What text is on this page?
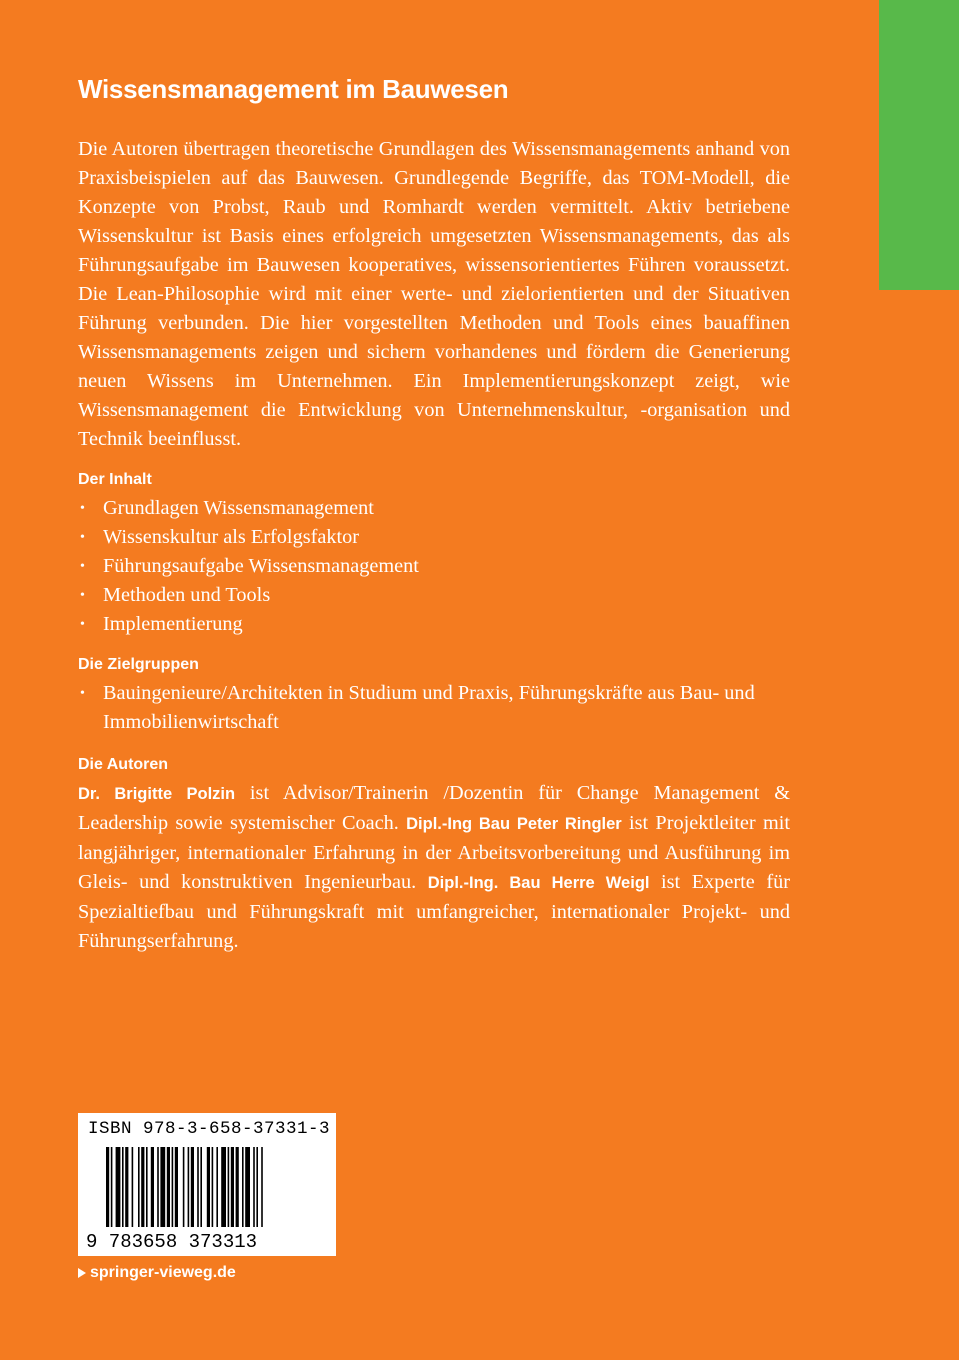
Wissensmanagement im Bauwesen

Die Autoren übertragen theoretische Grundlagen des Wissensmanagements anhand von Praxisbeispielen auf das Bauwesen. Grundlegende Begriffe, das TOM-Modell, die Konzepte von Probst, Raub und Romhardt werden vermittelt. Aktiv betriebene Wissenskultur ist Basis eines erfolgreich umgesetzten Wissensmanagements, das als Führungsaufgabe im Bauwesen kooperatives, wissensorientiertes Führen voraussetzt. Die Lean-Philosophie wird mit einer werte- und zielorientierten und der Situativen Führung verbunden. Die hier vorgestellten Methoden und Tools eines bauaffinen Wissensmanagements zeigen und sichern vorhandenes und fördern die Generierung neuen Wissens im Unternehmen. Ein Implementierungskonzept zeigt, wie Wissensmanagement die Entwicklung von Unternehmenskultur, -organisation und Technik beeinflusst.

Der Inhalt

• Grundlagen Wissensmanagement
• Wissenskultur als Erfolgsfaktor
• Führungsaufgabe Wissensmanagement
• Methoden und Tools
• Implementierung

Die Zielgruppen

• Bauingenieure/Architekten in Studium und Praxis, Führungskräfte aus Bau- und Immobilienwirtschaft

Die Autoren

Dr. Brigitte Polzin ist Advisor/Trainerin /Dozentin für Change Management & Leadership sowie systemischer Coach. Dipl.-Ing Bau Peter Ringler ist Projektleiter mit langjähriger, internationaler Erfahrung in der Arbeitsvorbereitung und Ausführung im Gleis- und konstruktiven Ingenieurbau. Dipl.-Ing. Bau Herre Weigl ist Experte für Spezialtiefbau und Führungskraft mit umfangreicher, internationaler Projekt- und Führungserfahrung.

ISBN 978-3-658-37331-3
9 783658 373313
springer-vieweg.de
